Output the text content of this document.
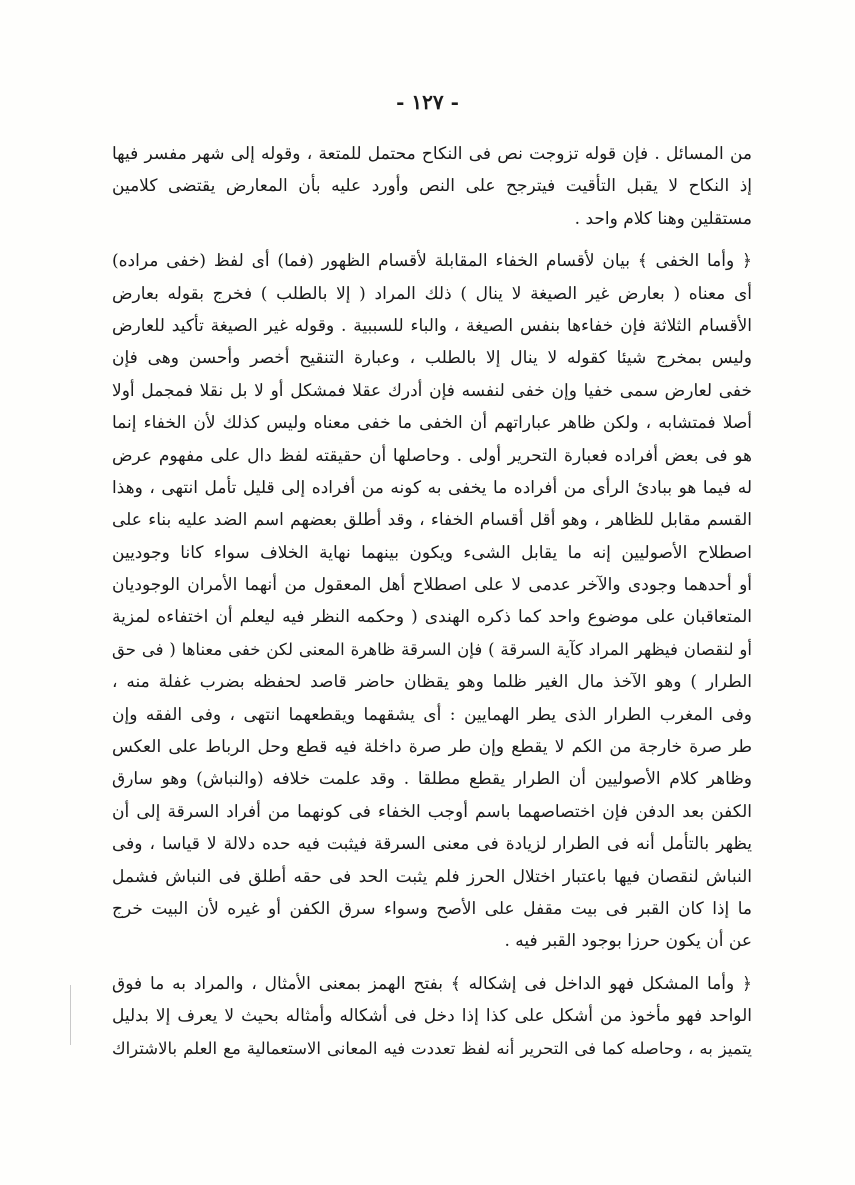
- ١٢٧ -
من المسائل . فإن قوله تزوجت نص فى النكاح محتمل للمتعة ، وقوله إلى شهر مفسر فيها
إذ النكاح لا يقبل التأقيت فيترجح على النص وأورد عليه بأن المعارض يقتضى كلامين
مستقلين وهنا كلام واحد .
﴿ وأما الخفى ﴾ بيان لأقسام الخفاء المقابلة لأقسام الظهور (فما) أى لفظ (خفى مراده)
أى معناه ( بعارض غير الصيغة لا ينال ) ذلك المراد ( إلا بالطلب ) فخرج بقوله بعارض
الأقسام الثلاثة فإن خفاءها بنفس الصيغة ، والباء للسببية . وقوله غير الصيغة تأكيد للعارض
وليس بمخرج شيئا كقوله لا ينال إلا بالطلب ، وعبارة التنقيح أخصر وأحسن وهى فإن
خفى لعارض سمى خفيا وإن خفى لنفسه فإن أدرك عقلا فمشكل أو لا بل نقلا فمجمل أولا
أصلا فمتشابه ، ولكن ظاهر عباراتهم أن الخفى ما خفى معناه وليس كذلك لأن الخفاء إنما
هو فى بعض أفراده فعبارة التحرير أولى . وحاصلها أن حقيقته لفظ دال على مفهوم عرض
له فيما هو ببادئ الرأى من أفراده ما يخفى به كونه من أفراده إلى قليل تأمل انتهى ، وهذا
القسم مقابل للظاهر ، وهو أقل أقسام الخفاء ، وقد أطلق بعضهم اسم الضد عليه بناء على
اصطلاح الأصوليين إنه ما يقابل الشىء ويكون بينهما نهاية الخلاف سواء كانا وجوديين
أو أحدهما وجودى والآخر عدمى لا على اصطلاح أهل المعقول من أنهما الأمران الوجوديان
المتعاقبان على موضوع واحد كما ذكره الهندى ( وحكمه النظر فيه ليعلم أن اختفاءه لمزية
أو لنقصان فيظهر المراد كآية السرقة ) فإن السرقة ظاهرة المعنى لكن خفى معناها ( فى حق
الطرار ) وهو الآخذ مال الغير ظلما وهو يقظان حاضر قاصد لحفظه بضرب غفلة منه ،
وفى المغرب الطرار الذى يطر الهمايين : أى يشقهما ويقطعهما انتهى ، وفى الفقه وإن
طر صرة خارجة من الكم لا يقطع وإن طر صرة داخلة فيه قطع وحل الرباط على العكس
وظاهر كلام الأصوليين أن الطرار يقطع مطلقا . وقد علمت خلافه (والنباش) وهو سارق
الكفن بعد الدفن فإن اختصاصهما باسم أوجب الخفاء فى كونهما من أفراد السرقة إلى أن
يظهر بالتأمل أنه فى الطرار لزيادة فى معنى السرقة فيثبت فيه حده دلالة لا قياسا ، وفى
النباش لنقصان فيها باعتبار اختلال الحرز فلم يثبت الحد فى حقه أطلق فى النباش فشمل
ما إذا كان القبر فى بيت مقفل على الأصح وسواء سرق الكفن أو غيره لأن البيت خرج
عن أن يكون حرزا بوجود القبر فيه .
﴿ وأما المشكل فهو الداخل فى إشكاله ﴾ بفتح الهمز بمعنى الأمثال ، والمراد به ما فوق
الواحد فهو مأخوذ من أشكل على كذا إذا دخل فى أشكاله وأمثاله بحيث لا يعرف إلا بدليل
يتميز به ، وحاصله كما فى التحرير أنه لفظ تعددت فيه المعانى الاستعمالية مع العلم بالاشتراك
